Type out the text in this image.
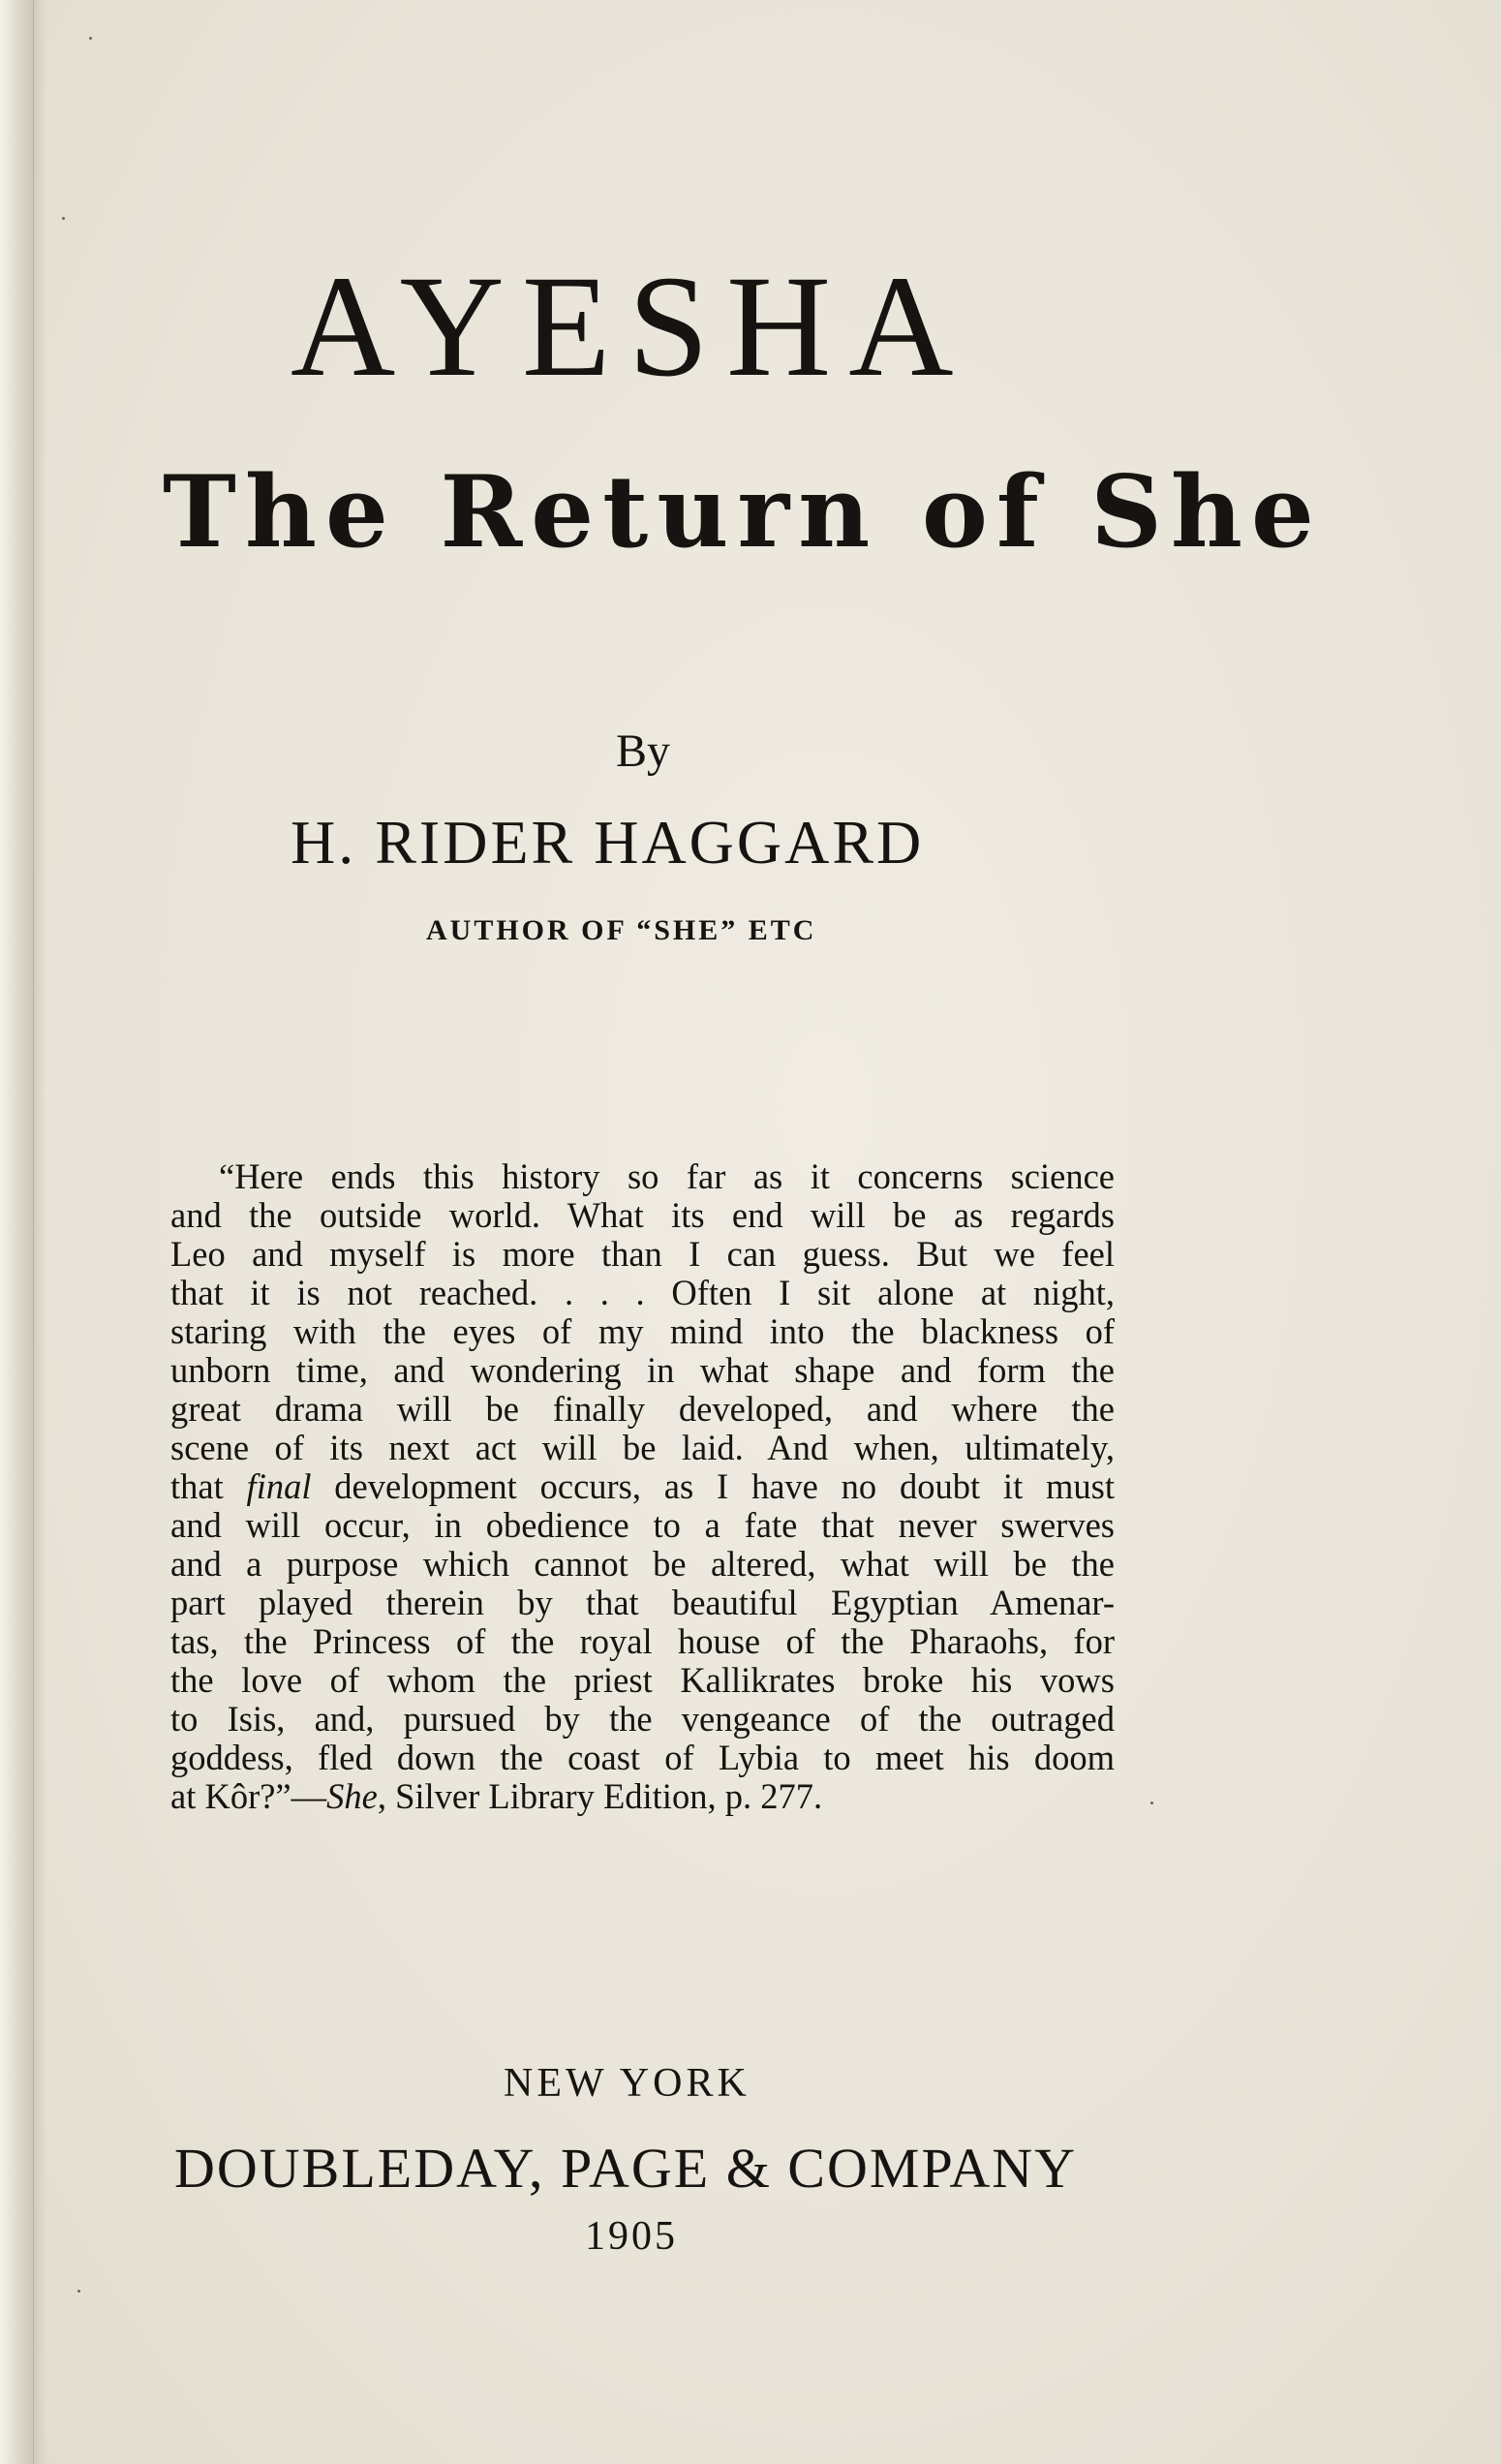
AYESHA
The Return of She
By
H. RIDER HAGGARD
AUTHOR OF “SHE” ETC
“Here ends this history so far as it concerns science
and the outside world. What its end will be as regards
Leo and myself is more than I can guess. But we feel
that it is not reached. . . . Often I sit alone at night,
staring with the eyes of my mind into the blackness of
unborn time, and wondering in what shape and form the
great drama will be finally developed, and where the
scene of its next act will be laid. And when, ultimately,
that final development occurs, as I have no doubt it must
and will occur, in obedience to a fate that never swerves
and a purpose which cannot be altered, what will be the
part played therein by that beautiful Egyptian Amenar-
tas, the Princess of the royal house of the Pharaohs, for
the love of whom the priest Kallikrates broke his vows
to Isis, and, pursued by the vengeance of the outraged
goddess, fled down the coast of Lybia to meet his doom
at Kôr?”—She, Silver Library Edition, p. 277.
NEW YORK
DOUBLEDAY, PAGE & COMPANY
1905
